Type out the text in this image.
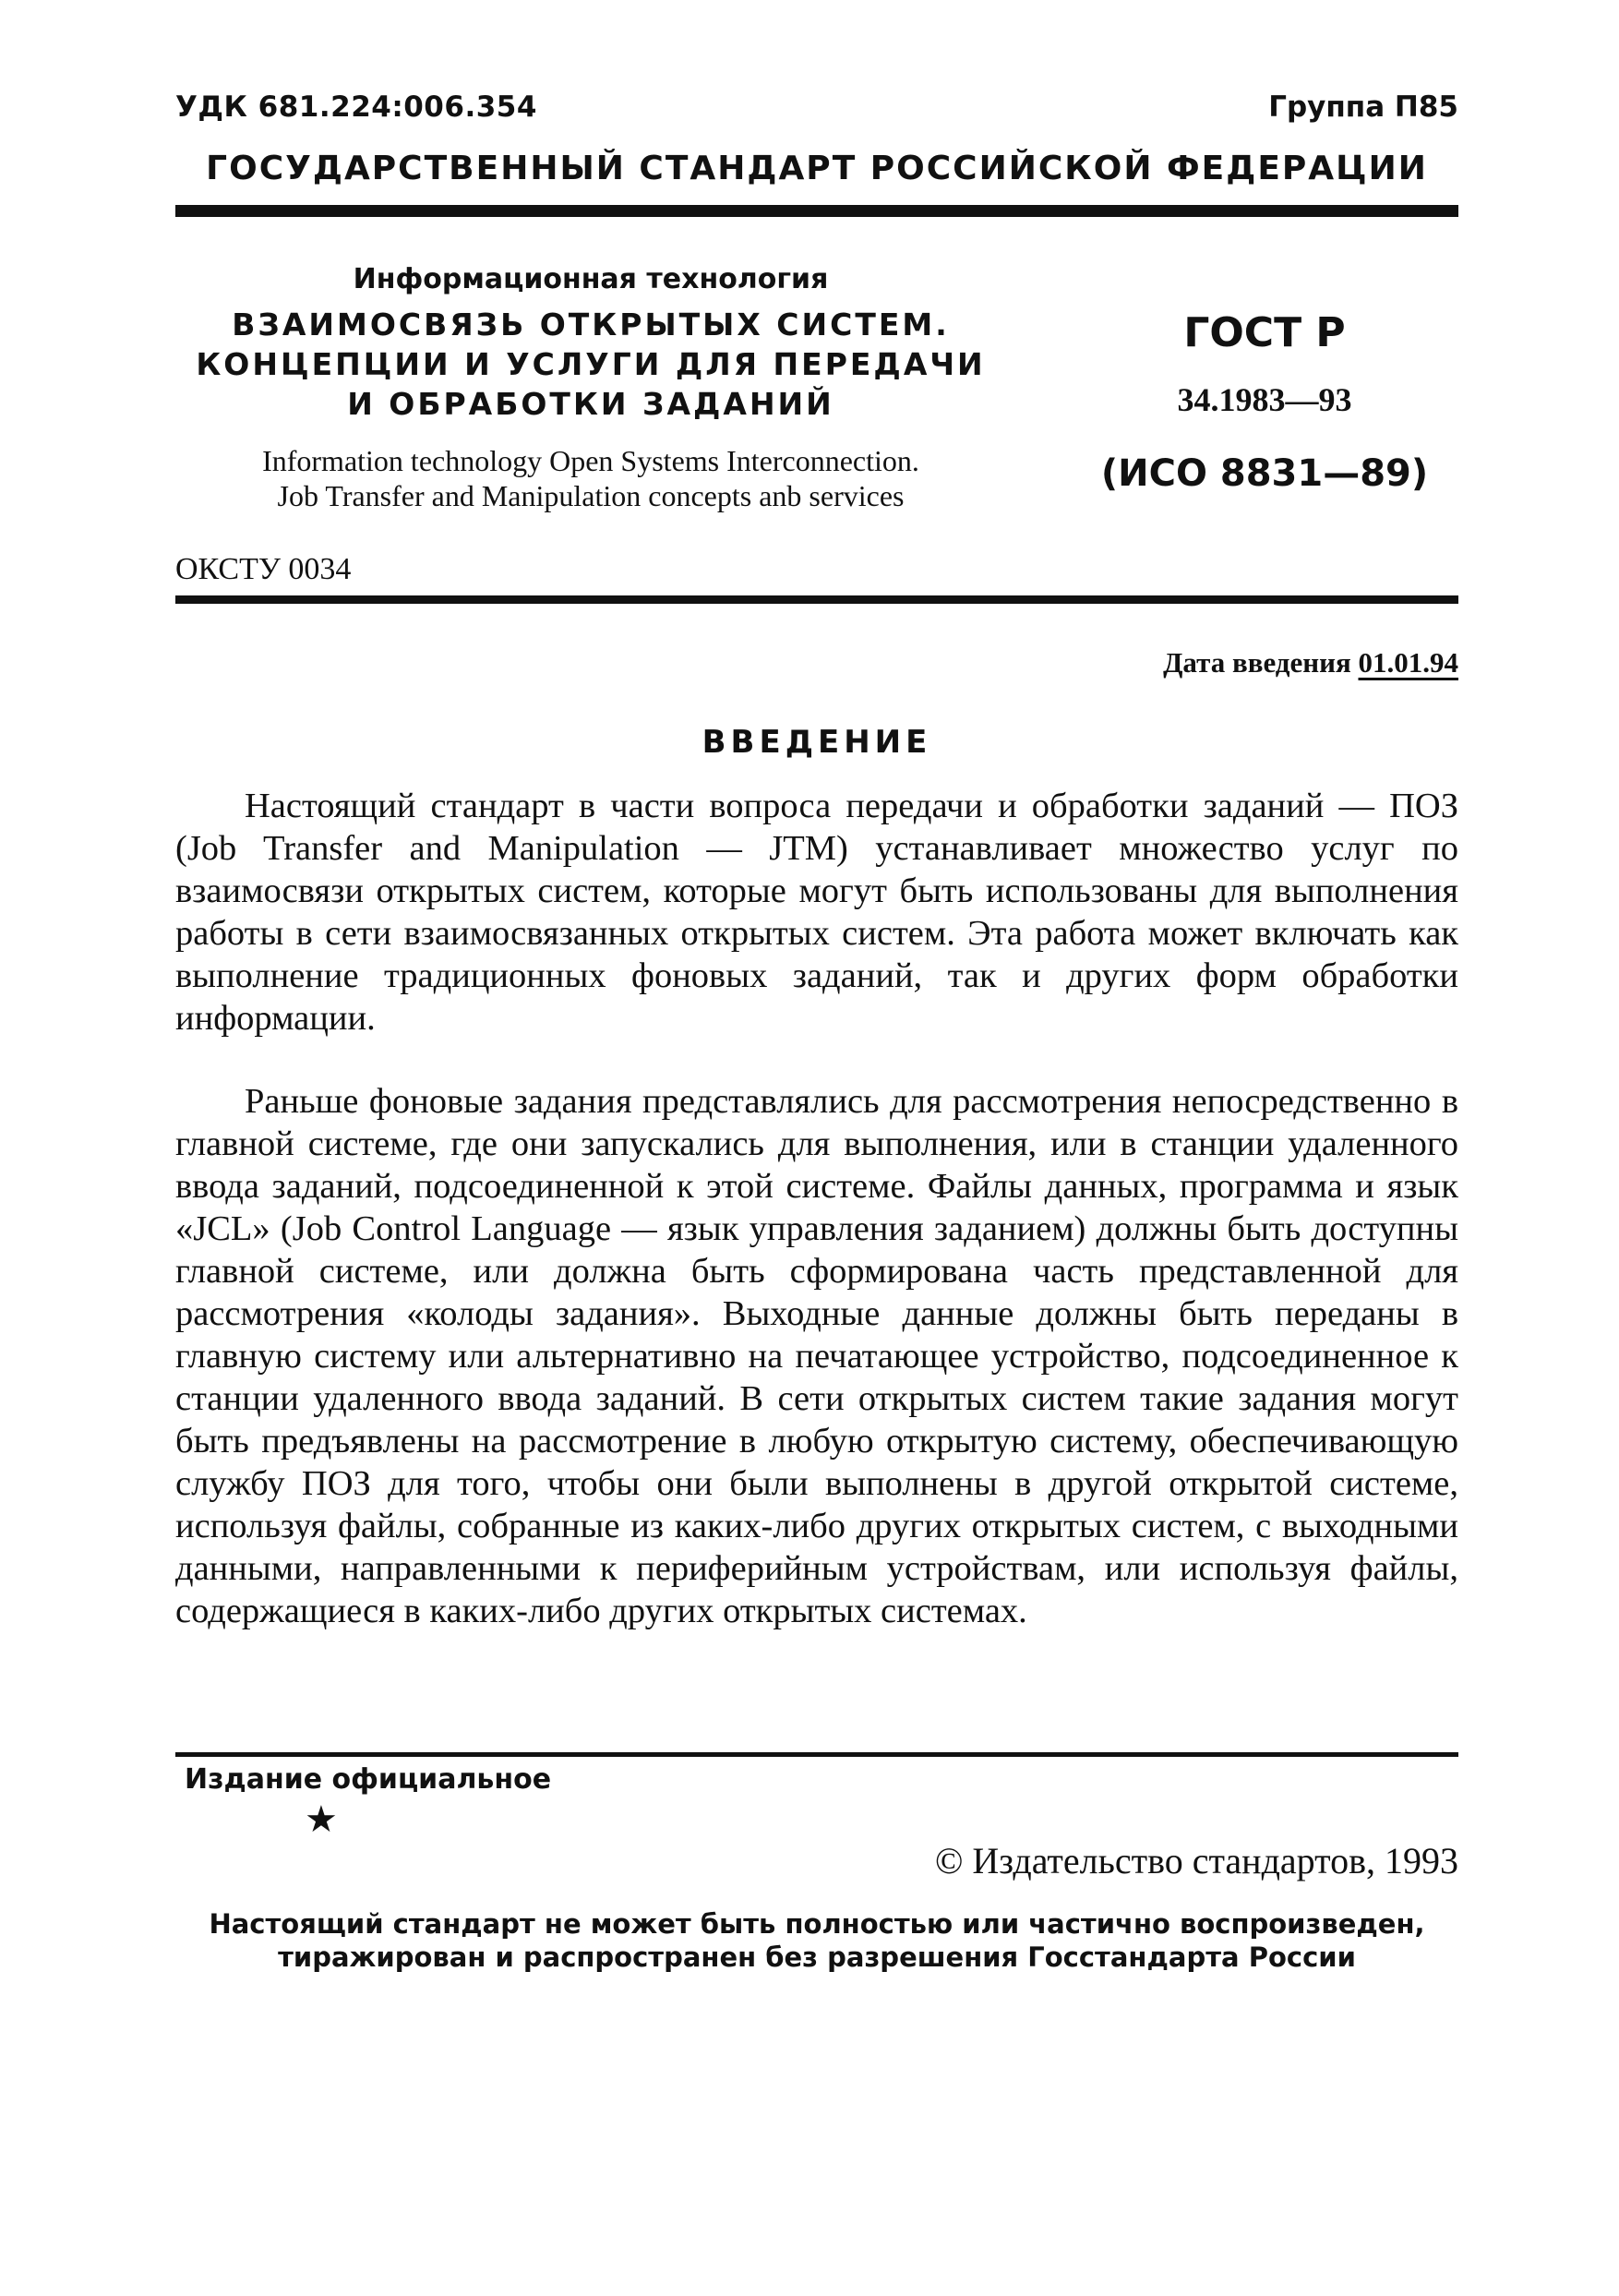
УДК 681.224:006.354	Группа П85
ГОСУДАРСТВЕННЫЙ СТАНДАРТ РОССИЙСКОЙ ФЕДЕРАЦИИ
Информационная технология
ВЗАИМОСВЯЗЬ ОТКРЫТЫХ СИСТЕМ.
КОНЦЕПЦИИ И УСЛУГИ ДЛЯ ПЕРЕДАЧИ
И ОБРАБОТКИ ЗАДАНИЙ
Information technology Open Systems Interconnection.
Job Transfer and Manipulation concepts anb services
ГОСТ Р
34.1983—93
(ИСО 8831—89)
ОКСТУ 0034
Дата введения 01.01.94
ВВЕДЕНИЕ

Настоящий стандарт в части вопроса передачи и обработки заданий — ПОЗ (Job Transfer and Manipulation — JTM) устанавливает множество услуг по взаимосвязи открытых систем, которые могут быть использованы для выполнения работы в сети взаимосвязанных открытых систем. Эта работа может включать как выполнение традиционных фоновых заданий, так и других форм обработки информации.

Раньше фоновые задания представлялись для рассмотрения непосредственно в главной системе, где они запускались для выполнения, или в станции удаленного ввода заданий, подсоединенной к этой системе. Файлы данных, программа и язык «JCL» (Job Control Language — язык управления заданием) должны быть доступны главной системе, или должна быть сформирована часть представленной для рассмотрения «колоды задания». Выходные данные должны быть переданы в главную систему или альтернативно на печатающее устройство, подсоединенное к станции удаленного ввода заданий. В сети открытых систем такие задания могут быть предъявлены на рассмотрение в любую открытую систему, обеспечивающую службу ПОЗ для того, чтобы они были выполнены в другой открытой системе, используя файлы, собранные из каких-либо других открытых систем, с выходными данными, направленными к периферийным устройствам, или используя файлы, содержащиеся в каких-либо других открытых системах.

Издание официальное
★
© Издательство стандартов, 1993
Настоящий стандарт не может быть полностью или частично воспроизведен,
тиражирован и распространен без разрешения Госстандарта России
